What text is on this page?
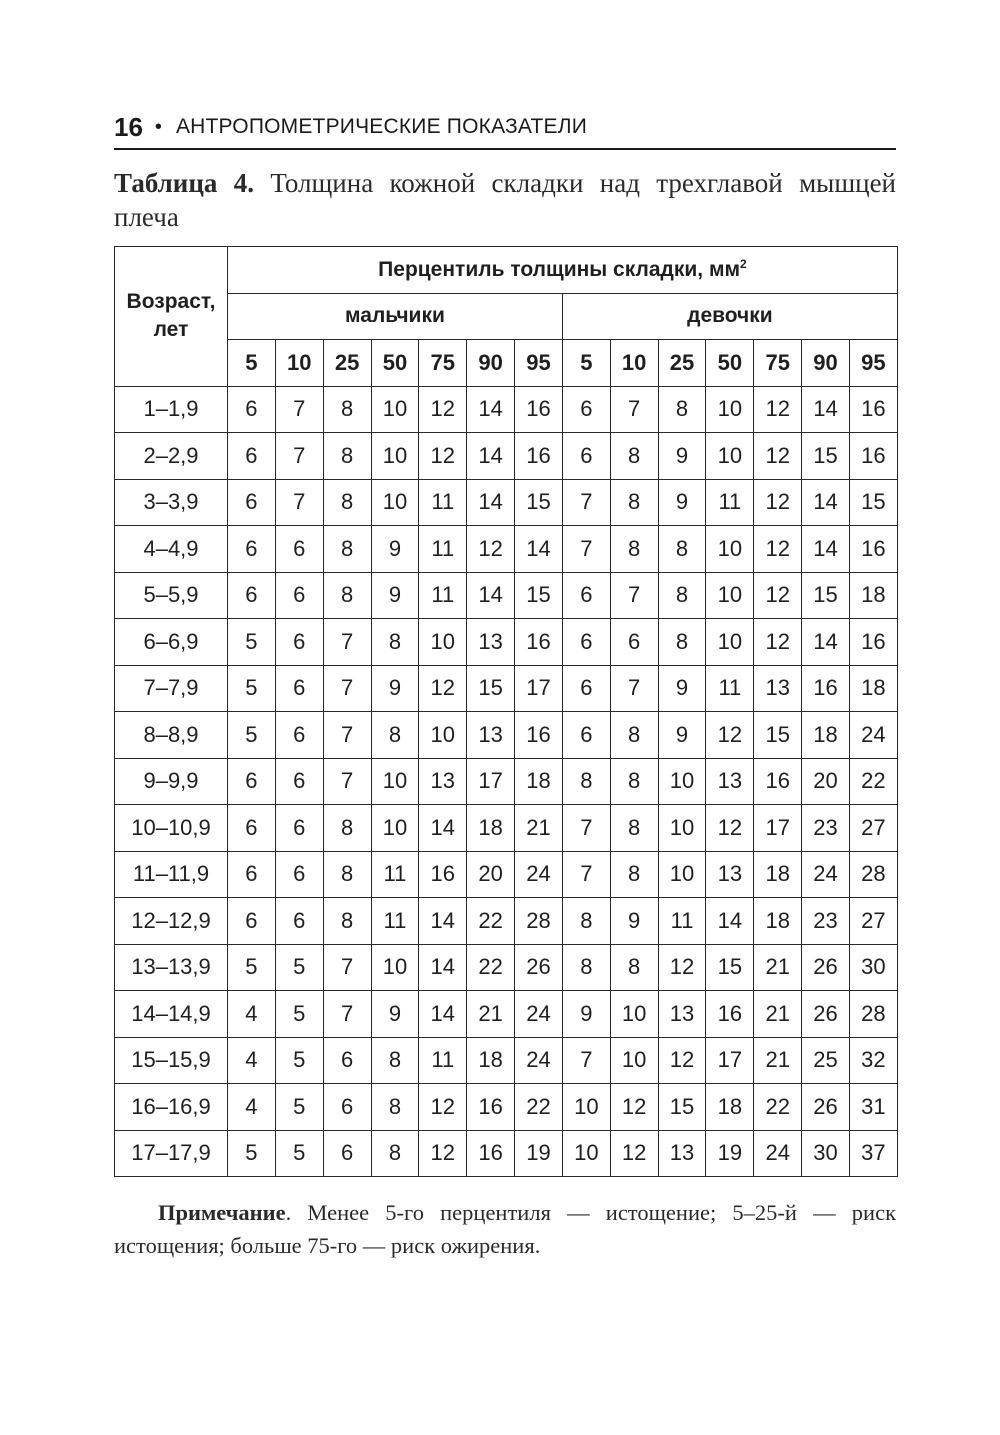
16 • АНТРОПОМЕТРИЧЕСКИЕ ПОКАЗАТЕЛИ
Таблица 4. Толщина кожной складки над трехглавой мышцей плеча
Возраст,
лет	Перцентиль толщины складки, $мм^2$
	мальчики							девочки						
	5	10	25	50	75	90	95	5	10	25	50	75	90	95
1–1,9	6	7	8	10	12	14	16	6	7	8	10	12	14	16
2–2,9	6	7	8	10	12	14	16	6	8	9	10	12	15	16
3–3,9	6	7	8	10	11	14	15	7	8	9	11	12	14	15
4–4,9	6	6	8	9	11	12	14	7	8	8	10	12	14	16
5–5,9	6	6	8	9	11	14	15	6	7	8	10	12	15	18
6–6,9	5	6	7	8	10	13	16	6	6	8	10	12	14	16
7–7,9	5	6	7	9	12	15	17	6	7	9	11	13	16	18
8–8,9	5	6	7	8	10	13	16	6	8	9	12	15	18	24
9–9,9	6	6	7	10	13	17	18	8	8	10	13	16	20	22
10–10,9	6	6	8	10	14	18	21	7	8	10	12	17	23	27
11–11,9	6	6	8	11	16	20	24	7	8	10	13	18	24	28
12–12,9	6	6	8	11	14	22	28	8	9	11	14	18	23	27
13–13,9	5	5	7	10	14	22	26	8	8	12	15	21	26	30
14–14,9	4	5	7	9	14	21	24	9	10	13	16	21	26	28
15–15,9	4	5	6	8	11	18	24	7	10	12	17	21	25	32
16–16,9	4	5	6	8	12	16	22	10	12	15	18	22	26	31
17–17,9	5	5	6	8	12	16	19	10	12	13	19	24	30	37
Примечание. Менее 5-го перцентиля — истощение; 5–25-й — риск истощения; больше 75-го — риск ожирения.
